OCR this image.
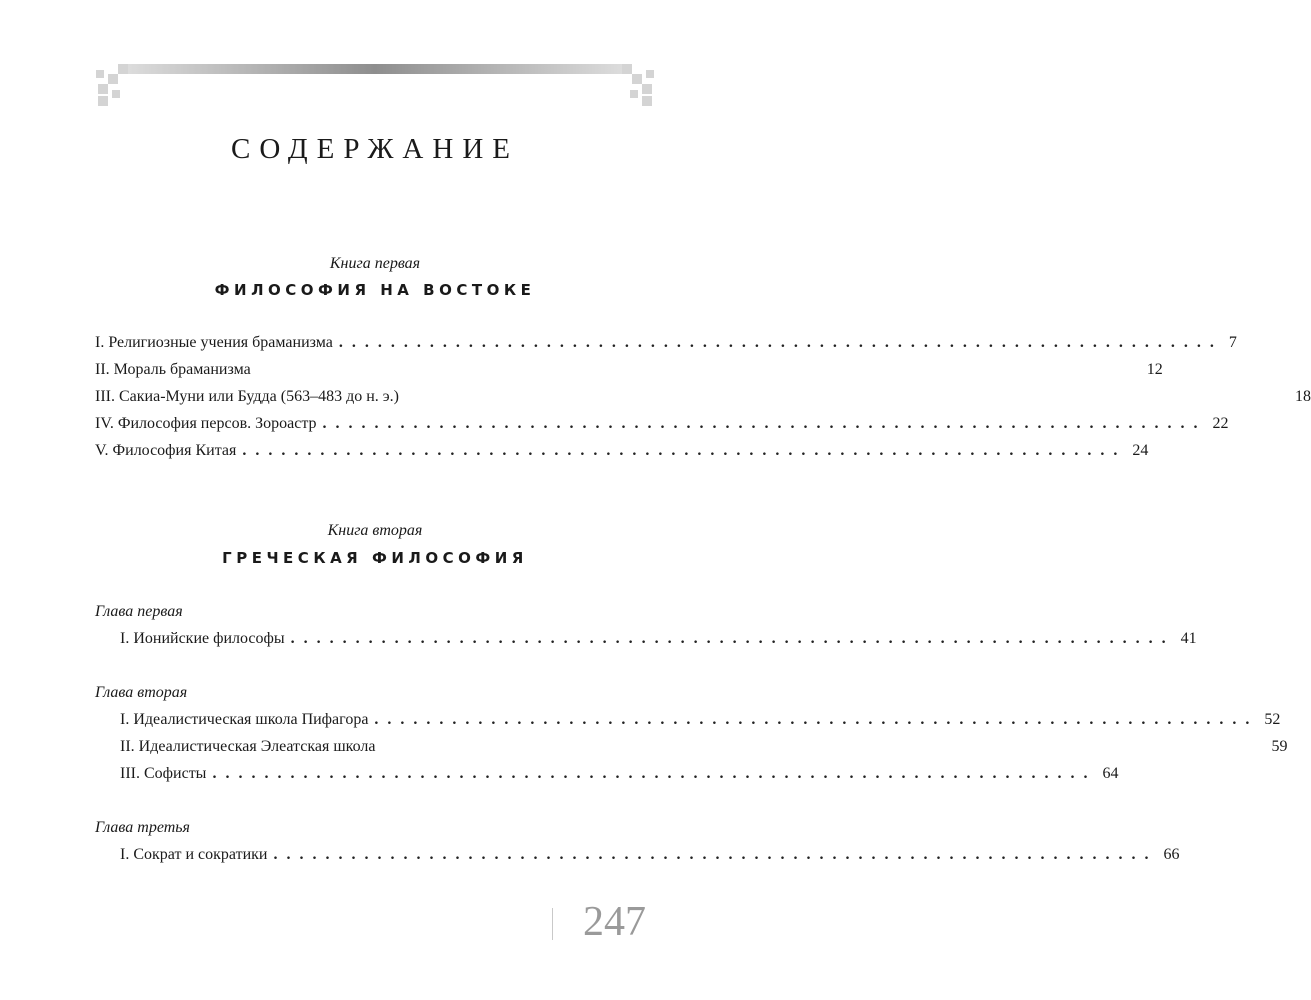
СОДЕРЖАНИЕ
Книга первая
ФИЛОСОФИЯ НА ВОСТОКЕ
I. Религиозные учения браманизма .................................................................... 7
II. Мораль браманизма	12
III. Сакиа-Муни или Будда (563–483 до н. э.)	18
IV. Философия персов. Зороастр .................................................................... 22
V. Философия Китая .................................................................... 24
Книга вторая
ГРЕЧЕСКАЯ ФИЛОСОФИЯ
Глава первая
I. Ионийские философы .................................................................... 41
Глава вторая
I. Идеалистическая школа Пифагора .................................................................... 52
II. Идеалистическая Элеатская школа	59
III. Софисты .................................................................... 64
Глава третья
I. Сократ и сократики .................................................................... 66
247
